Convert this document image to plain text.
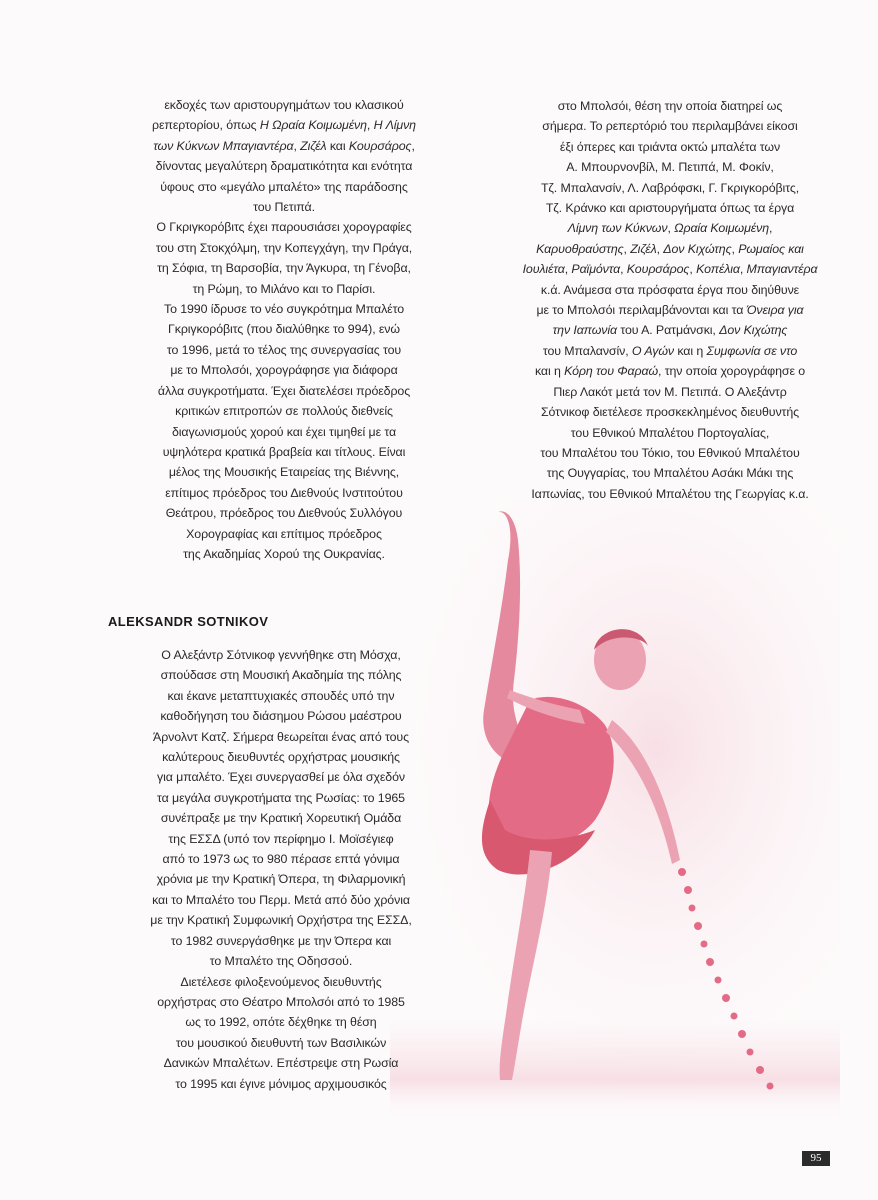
εκδοχές των αριστουργημάτων του κλασικού

ρεπερτορίου, όπως Η Ωραία Κοιμωμένη, Η Λίμνη

των Κύκνων Μπαγιαντέρα, Ζιζέλ και Κουρσάρος,

δίνοντας μεγαλύτερη δραματικότητα και ενότητα

ύφους στο «μεγάλο μπαλέτο» της παράδοσης

του Πετιπά.

Ο Γκριγκορόβιτς έχει παρουσιάσει χορογραφίες

του στη Στοκχόλμη, την Κοπεγχάγη, την Πράγα,

τη Σόφια, τη Βαρσοβία, την Άγκυρα, τη Γένοβα,

τη Ρώμη, το Μιλάνο και το Παρίσι.

Το 1990 ίδρυσε το νέο συγκρότημα Μπαλέτο

Γκριγκορόβιτς (που διαλύθηκε το 994), ενώ

το 1996, μετά το τέλος της συνεργασίας του

με το Μπολσόι, χορογράφησε για διάφορα

άλλα συγκροτήματα. Έχει διατελέσει πρόεδρος

κριτικών επιτροπών σε πολλούς διεθνείς

διαγωνισμούς χορού και έχει τιμηθεί με τα

υψηλότερα κρατικά βραβεία και τίτλους. Είναι

μέλος της Μουσικής Εταιρείας της Βιέννης,

επίτιμος πρόεδρος του Διεθνούς Ινστιτούτου

Θεάτρου, πρόεδρος του Διεθνούς Συλλόγου

Χορογραφίας και επίτιμος πρόεδρος

της Ακαδημίας Χορού της Ουκρανίας.

στο Μπολσόι, θέση την οποία διατηρεί ως

σήμερα. Το ρεπερτόριό του περιλαμβάνει είκοσι

έξι όπερες και τριάντα οκτώ μπαλέτα των

Α. Μπουρνονβίλ, Μ. Πετιπά, Μ. Φοκίν,

Τζ. Μπαλανσίν, Λ. Λαβρόφσκι, Γ. Γκριγκορόβιτς,

Τζ. Κράνκο και αριστουργήματα όπως τα έργα

Λίμνη των Κύκνων, Ωραία Κοιμωμένη,

Καρυοθραύστης, Ζιζέλ, Δον Κιχώτης, Ρωμαίος και

Ιουλιέτα, Ραϊμόντα, Κουρσάρος, Κοπέλια, Μπαγιαντέρα

κ.ά. Ανάμεσα στα πρόσφατα έργα που διηύθυνε

με το Μπολσόι περιλαμβάνονται και τα Όνειρα για

την Ιαπωνία του Α. Ρατμάνσκι, Δον Κιχώτης

του Μπαλανσίν, Ο Αγών και η Συμφωνία σε ντο

και η Κόρη του Φαραώ, την οποία χορογράφησε ο

Πιερ Λακότ μετά τον Μ. Πετιπά. Ο Αλεξάντρ

Σότνικοφ διετέλεσε προσκεκλημένος διευθυντής

του Εθνικού Μπαλέτου Πορτογαλίας,

του Μπαλέτου του Τόκιο, του Εθνικού Μπαλέτου

της Ουγγαρίας, του Μπαλέτου Ασάκι Μάκι της

Ιαπωνίας, του Εθνικού Μπαλέτου της Γεωργίας κ.α.

ALEKSANDR SOTNIKOV

Ο Αλεξάντρ Σότνικοφ γεννήθηκε στη Μόσχα,

σπούδασε στη Μουσική Ακαδημία της πόλης

και έκανε μεταπτυχιακές σπουδές υπό την

καθοδήγηση του διάσημου Ρώσου μαέστρου

Άρνολντ Κατζ. Σήμερα θεωρείται ένας από τους

καλύτερους διευθυντές ορχήστρας μουσικής

για μπαλέτο. Έχει συνεργασθεί με όλα σχεδόν

τα μεγάλα συγκροτήματα της Ρωσίας: το 1965

συνέπραξε με την Κρατική Χορευτική Ομάδα

της ΕΣΣΔ (υπό τον περίφημο Ι. Μοϊσέγιεφ

από το 1973 ως το 980 πέρασε επτά γόνιμα

χρόνια με την Κρατική Όπερα, τη Φιλαρμονική

και το Μπαλέτο του Περμ. Μετά από δύο χρόνια

με την Κρατική Συμφωνική Ορχήστρα της ΕΣΣΔ,

το 1982 συνεργάσθηκε με την Όπερα και

το Μπαλέτο της Οδησσού.

Διετέλεσε φιλοξενούμενος διευθυντής

ορχήστρας στο Θέατρο Μπολσόι από το 1985

ως το 1992, οπότε δέχθηκε τη θέση

του μουσικού διευθυντή των Βασιλικών

Δανικών Μπαλέτων. Επέστρεψε στη Ρωσία

το 1995 και έγινε μόνιμος αρχιμουσικός

95
